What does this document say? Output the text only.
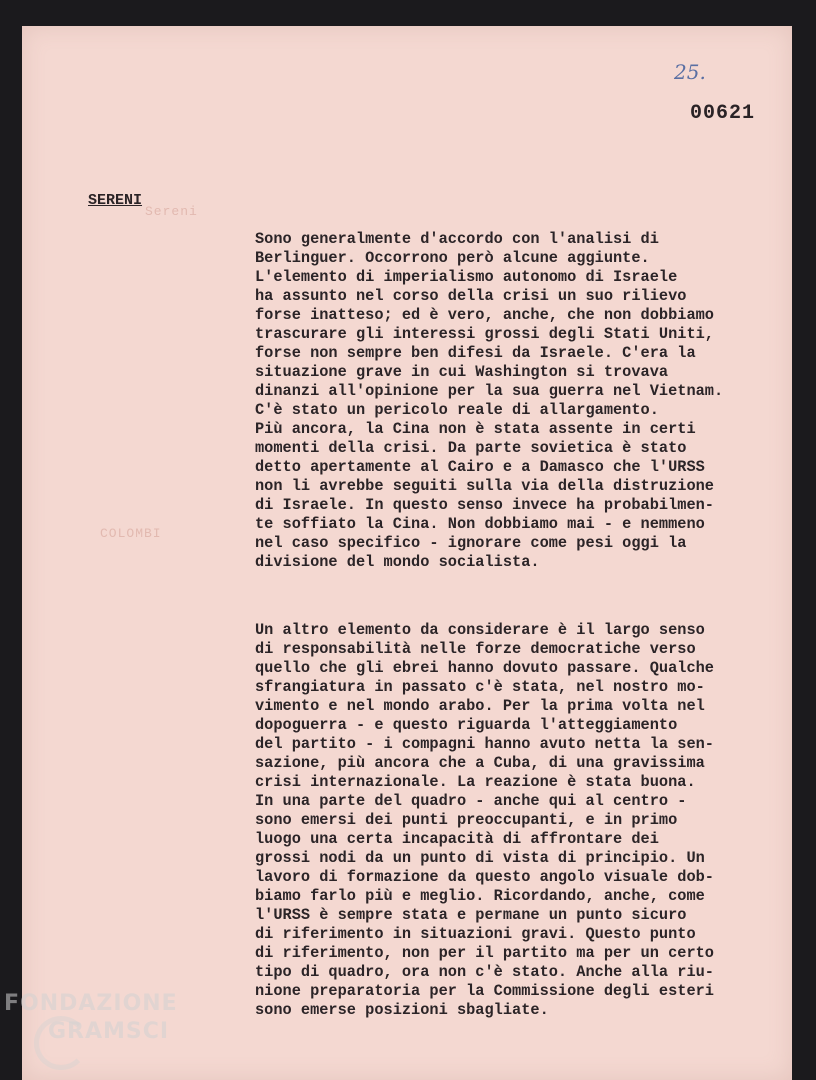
25.
00621
SERENI
Sereni
COLOMBI

Sono generalmente d'accordo con l'analisi di
Berlinguer. Occorrono però alcune aggiunte.
L'elemento di imperialismo autonomo di Israele
ha assunto nel corso della crisi un suo rilievo
forse inatteso; ed è vero, anche, che non dobbiamo
trascurare gli interessi grossi degli Stati Uniti,
forse non sempre ben difesi da Israele. C'era la
situazione grave in cui Washington si trovava
dinanzi all'opinione per la sua guerra nel Vietnam.
C'è stato un pericolo reale di allargamento.
Più ancora, la Cina non è stata assente in certi
momenti della crisi. Da parte sovietica è stato
detto apertamente al Cairo e a Damasco che l'URSS
non li avrebbe seguiti sulla via della distruzione
di Israele. In questo senso invece ha probabilmen-
te soffiato la Cina. Non dobbiamo mai - e nemmeno
nel caso specifico - ignorare come pesi oggi la
divisione del mondo socialista.

Un altro elemento da considerare è il largo senso
di responsabilità nelle forze democratiche verso
quello che gli ebrei hanno dovuto passare. Qualche
sfrangiatura in passato c'è stata, nel nostro mo-
vimento e nel mondo arabo. Per la prima volta nel
dopoguerra - e questo riguarda l'atteggiamento
del partito - i compagni hanno avuto netta la sen-
sazione, più ancora che a Cuba, di una gravissima
crisi internazionale. La reazione è stata buona.
In una parte del quadro - anche qui al centro -
sono emersi dei punti preoccupanti, e in primo
luogo una certa incapacità di affrontare dei
grossi nodi da un punto di vista di principio. Un
lavoro di formazione da questo angolo visuale dob-
biamo farlo più e meglio. Ricordando, anche, come
l'URSS è sempre stata e permane un punto sicuro
di riferimento in situazioni gravi. Questo punto
di riferimento, non per il partito ma per un certo
tipo di quadro, ora non c'è stato. Anche alla riu-
nione preparatoria per la Commissione degli esteri
sono emerse posizioni sbagliate.

FONDAZIONE
GRAMSCI
